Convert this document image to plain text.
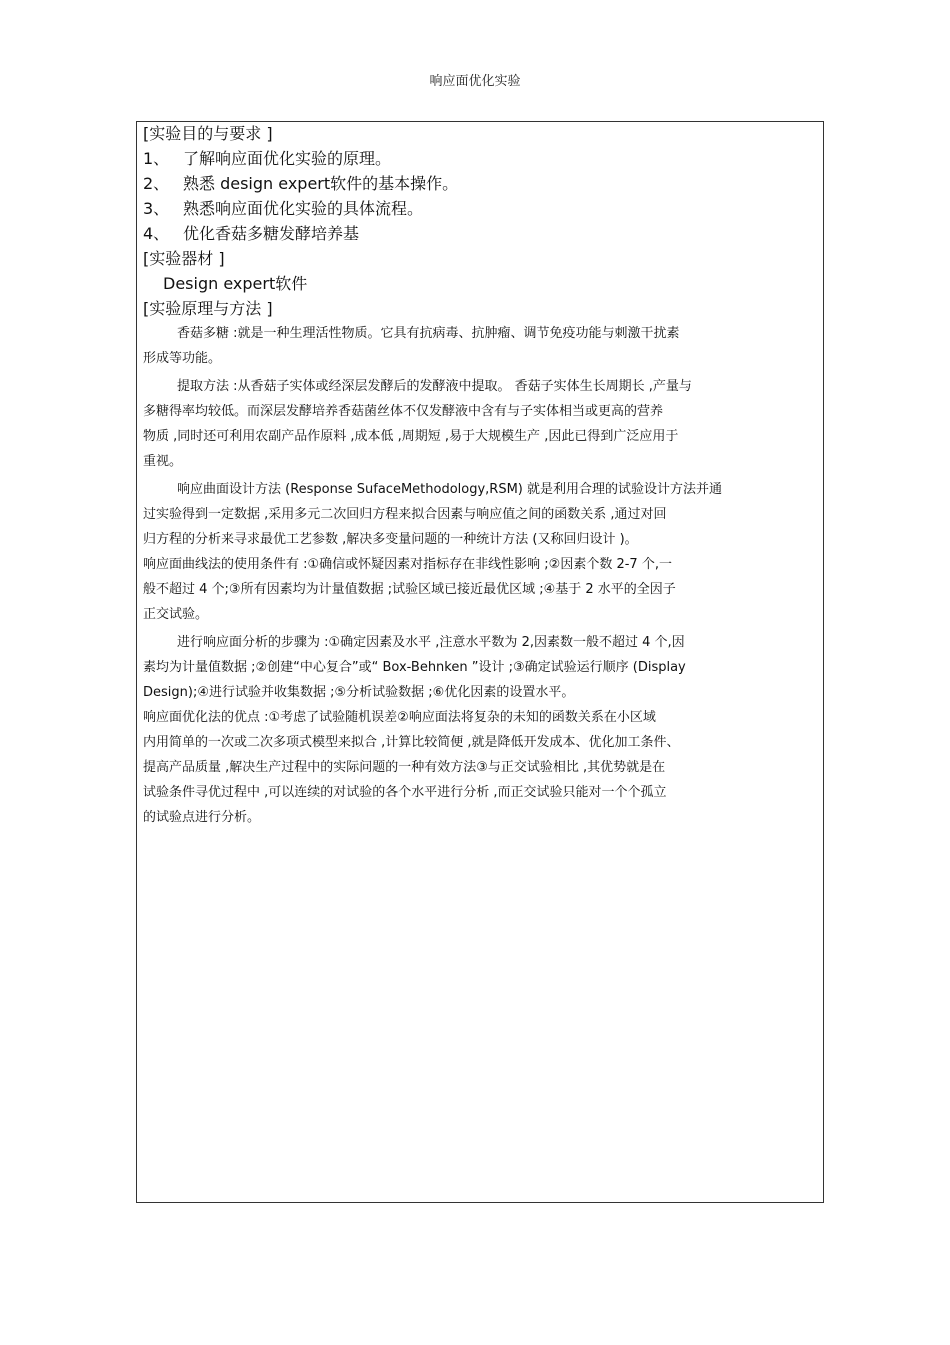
响应面优化实验
[实验目的与要求 ]
1、 了解响应面优化实验的原理。
2、 熟悉 design expert软件的基本操作。
3、 熟悉响应面优化实验的具体流程。
4、 优化香菇多糖发酵培养基
[实验器材 ]
Design expert软件
[实验原理与方法 ]
香菇多糖 :就是一种生理活性物质。它具有抗病毒、抗肿瘤、调节免疫功能与刺激干扰素
形成等功能。
提取方法 :从香菇子实体或经深层发酵后的发酵液中提取。 香菇子实体生长周期长 ,产量与
多糖得率均较低。而深层发酵培养香菇菌丝体不仅发酵液中含有与子实体相当或更高的营养
物质 ,同时还可利用农副产品作原料 ,成本低 ,周期短 ,易于大规模生产 ,因此已得到广泛应用于
重视。
响应曲面设计方法 (Response SufaceMethodology,RSM) 就是利用合理的试验设计方法并通
过实验得到一定数据 ,采用多元二次回归方程来拟合因素与响应值之间的函数关系 ,通过对回
归方程的分析来寻求最优工艺参数 ,解决多变量问题的一种统计方法 (又称回归设计 )。
响应面曲线法的使用条件有 :①确信或怀疑因素对指标存在非线性影响 ;②因素个数 2-7 个,一
般不超过 4 个;③所有因素均为计量值数据 ;试验区域已接近最优区域 ;④基于 2 水平的全因子
正交试验。
进行响应面分析的步骤为 :①确定因素及水平 ,注意水平数为 2,因素数一般不超过 4 个,因
素均为计量值数据 ;②创建“中心复合”或“ Box-Behnken ”设计 ;③确定试验运行顺序 (Display
Design);④进行试验并收集数据 ;⑤分析试验数据 ;⑥优化因素的设置水平。
响应面优化法的优点 :①考虑了试验随机误差②响应面法将复杂的未知的函数关系在小区域
内用简单的一次或二次多项式模型来拟合 ,计算比较简便 ,就是降低开发成本、优化加工条件、
提高产品质量 ,解决生产过程中的实际问题的一种有效方法③与正交试验相比 ,其优势就是在
试验条件寻优过程中 ,可以连续的对试验的各个水平进行分析 ,而正交试验只能对一个个孤立
的试验点进行分析。
